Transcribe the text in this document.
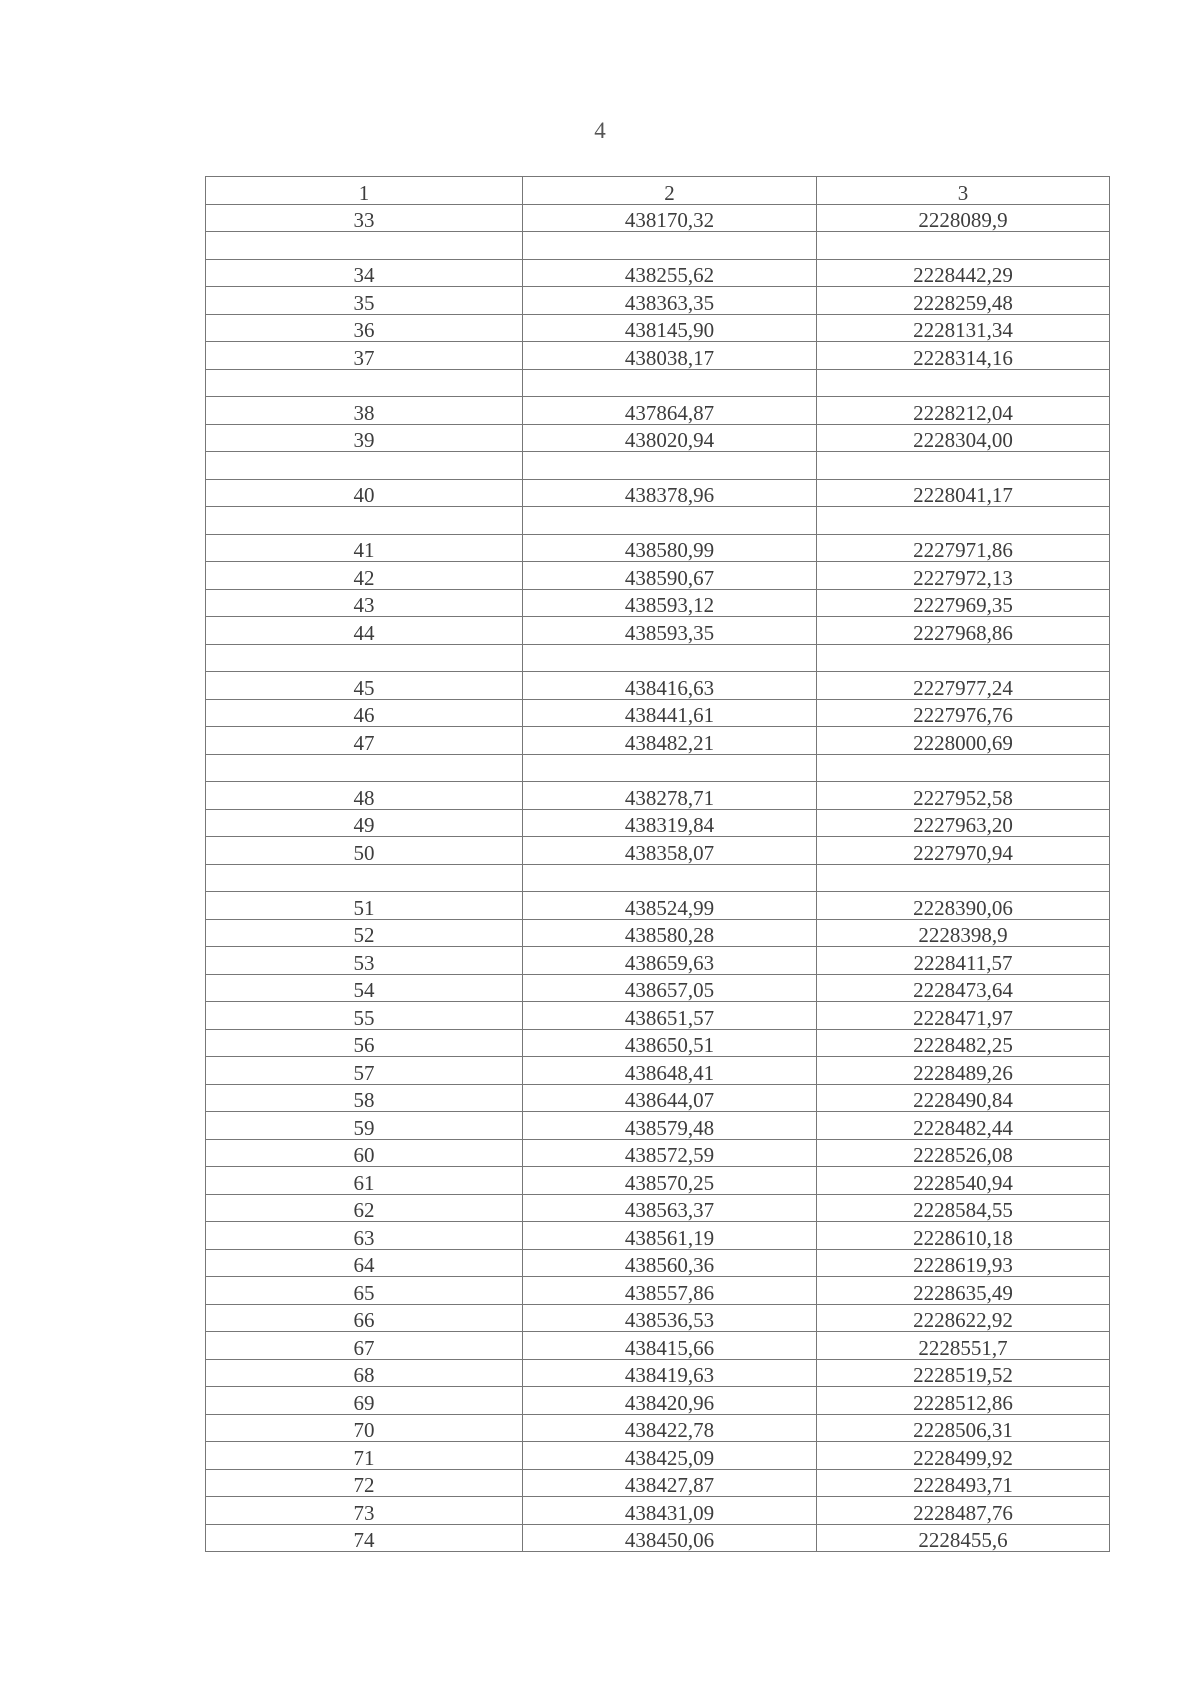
4
1	2	3
33	438170,32	2228089,9

34	438255,62	2228442,29
35	438363,35	2228259,48
36	438145,90	2228131,34
37	438038,17	2228314,16

38	437864,87	2228212,04
39	438020,94	2228304,00

40	438378,96	2228041,17

41	438580,99	2227971,86
42	438590,67	2227972,13
43	438593,12	2227969,35
44	438593,35	2227968,86

45	438416,63	2227977,24
46	438441,61	2227976,76
47	438482,21	2228000,69

48	438278,71	2227952,58
49	438319,84	2227963,20
50	438358,07	2227970,94

51	438524,99	2228390,06
52	438580,28	2228398,9
53	438659,63	2228411,57
54	438657,05	2228473,64
55	438651,57	2228471,97
56	438650,51	2228482,25
57	438648,41	2228489,26
58	438644,07	2228490,84
59	438579,48	2228482,44
60	438572,59	2228526,08
61	438570,25	2228540,94
62	438563,37	2228584,55
63	438561,19	2228610,18
64	438560,36	2228619,93
65	438557,86	2228635,49
66	438536,53	2228622,92
67	438415,66	2228551,7
68	438419,63	2228519,52
69	438420,96	2228512,86
70	438422,78	2228506,31
71	438425,09	2228499,92
72	438427,87	2228493,71
73	438431,09	2228487,76
74	438450,06	2228455,6
